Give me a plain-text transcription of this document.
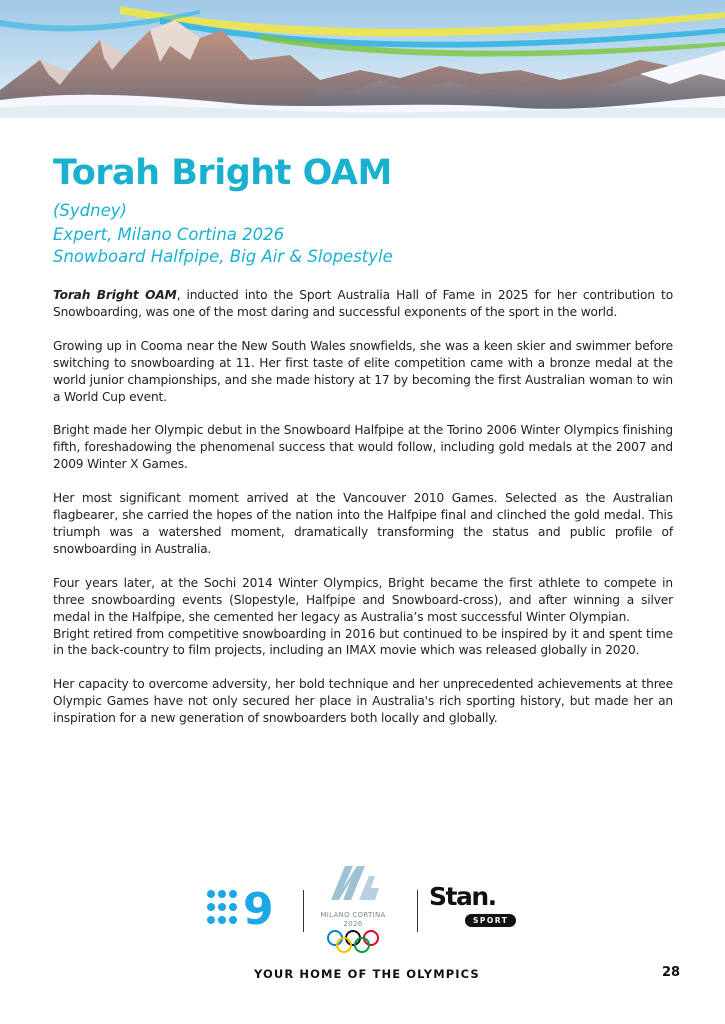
Torah Bright OAM
(Sydney)
Expert, Milano Cortina 2026
Snowboard Halfpipe, Big Air & Slopestyle

Torah Bright OAM, inducted into the Sport Australia Hall of Fame in 2025 for her contribution to Snowboarding, was one of the most daring and successful exponents of the sport in the world.

Growing up in Cooma near the New South Wales snowfields, she was a keen skier and swimmer before switching to snowboarding at 11. Her first taste of elite competition came with a bronze medal at the world junior championships, and she made history at 17 by becoming the first Australian woman to win a World Cup event.

Bright made her Olympic debut in the Snowboard Halfpipe at the Torino 2006 Winter Olympics finishing fifth, foreshadowing the phenomenal success that would follow, including gold medals at the 2007 and 2009 Winter X Games.

Her most significant moment arrived at the Vancouver 2010 Games. Selected as the Australian flagbearer, she carried the hopes of the nation into the Halfpipe final and clinched the gold medal. This triumph was a watershed moment, dramatically transforming the status and public profile of snowboarding in Australia.

Four years later, at the Sochi 2014 Winter Olympics, Bright became the first athlete to compete in three snowboarding events (Slopestyle, Halfpipe and Snowboard-cross), and after winning a silver medal in the Halfpipe, she cemented her legacy as Australia’s most successful Winter Olympian.

Bright retired from competitive snowboarding in 2016 but continued to be inspired by it and spent time in the back-country to film projects, including an IMAX movie which was released globally in 2020.

Her capacity to overcome adversity, her bold technique and her unprecedented achievements at three Olympic Games have not only secured her place in Australia's rich sporting history, but made her an inspiration for a new generation of snowboarders both locally and globally.

9	MILANO CORTINA
2026
Stan.
SPORT
YOUR HOME OF THE OLYMPICS	28
